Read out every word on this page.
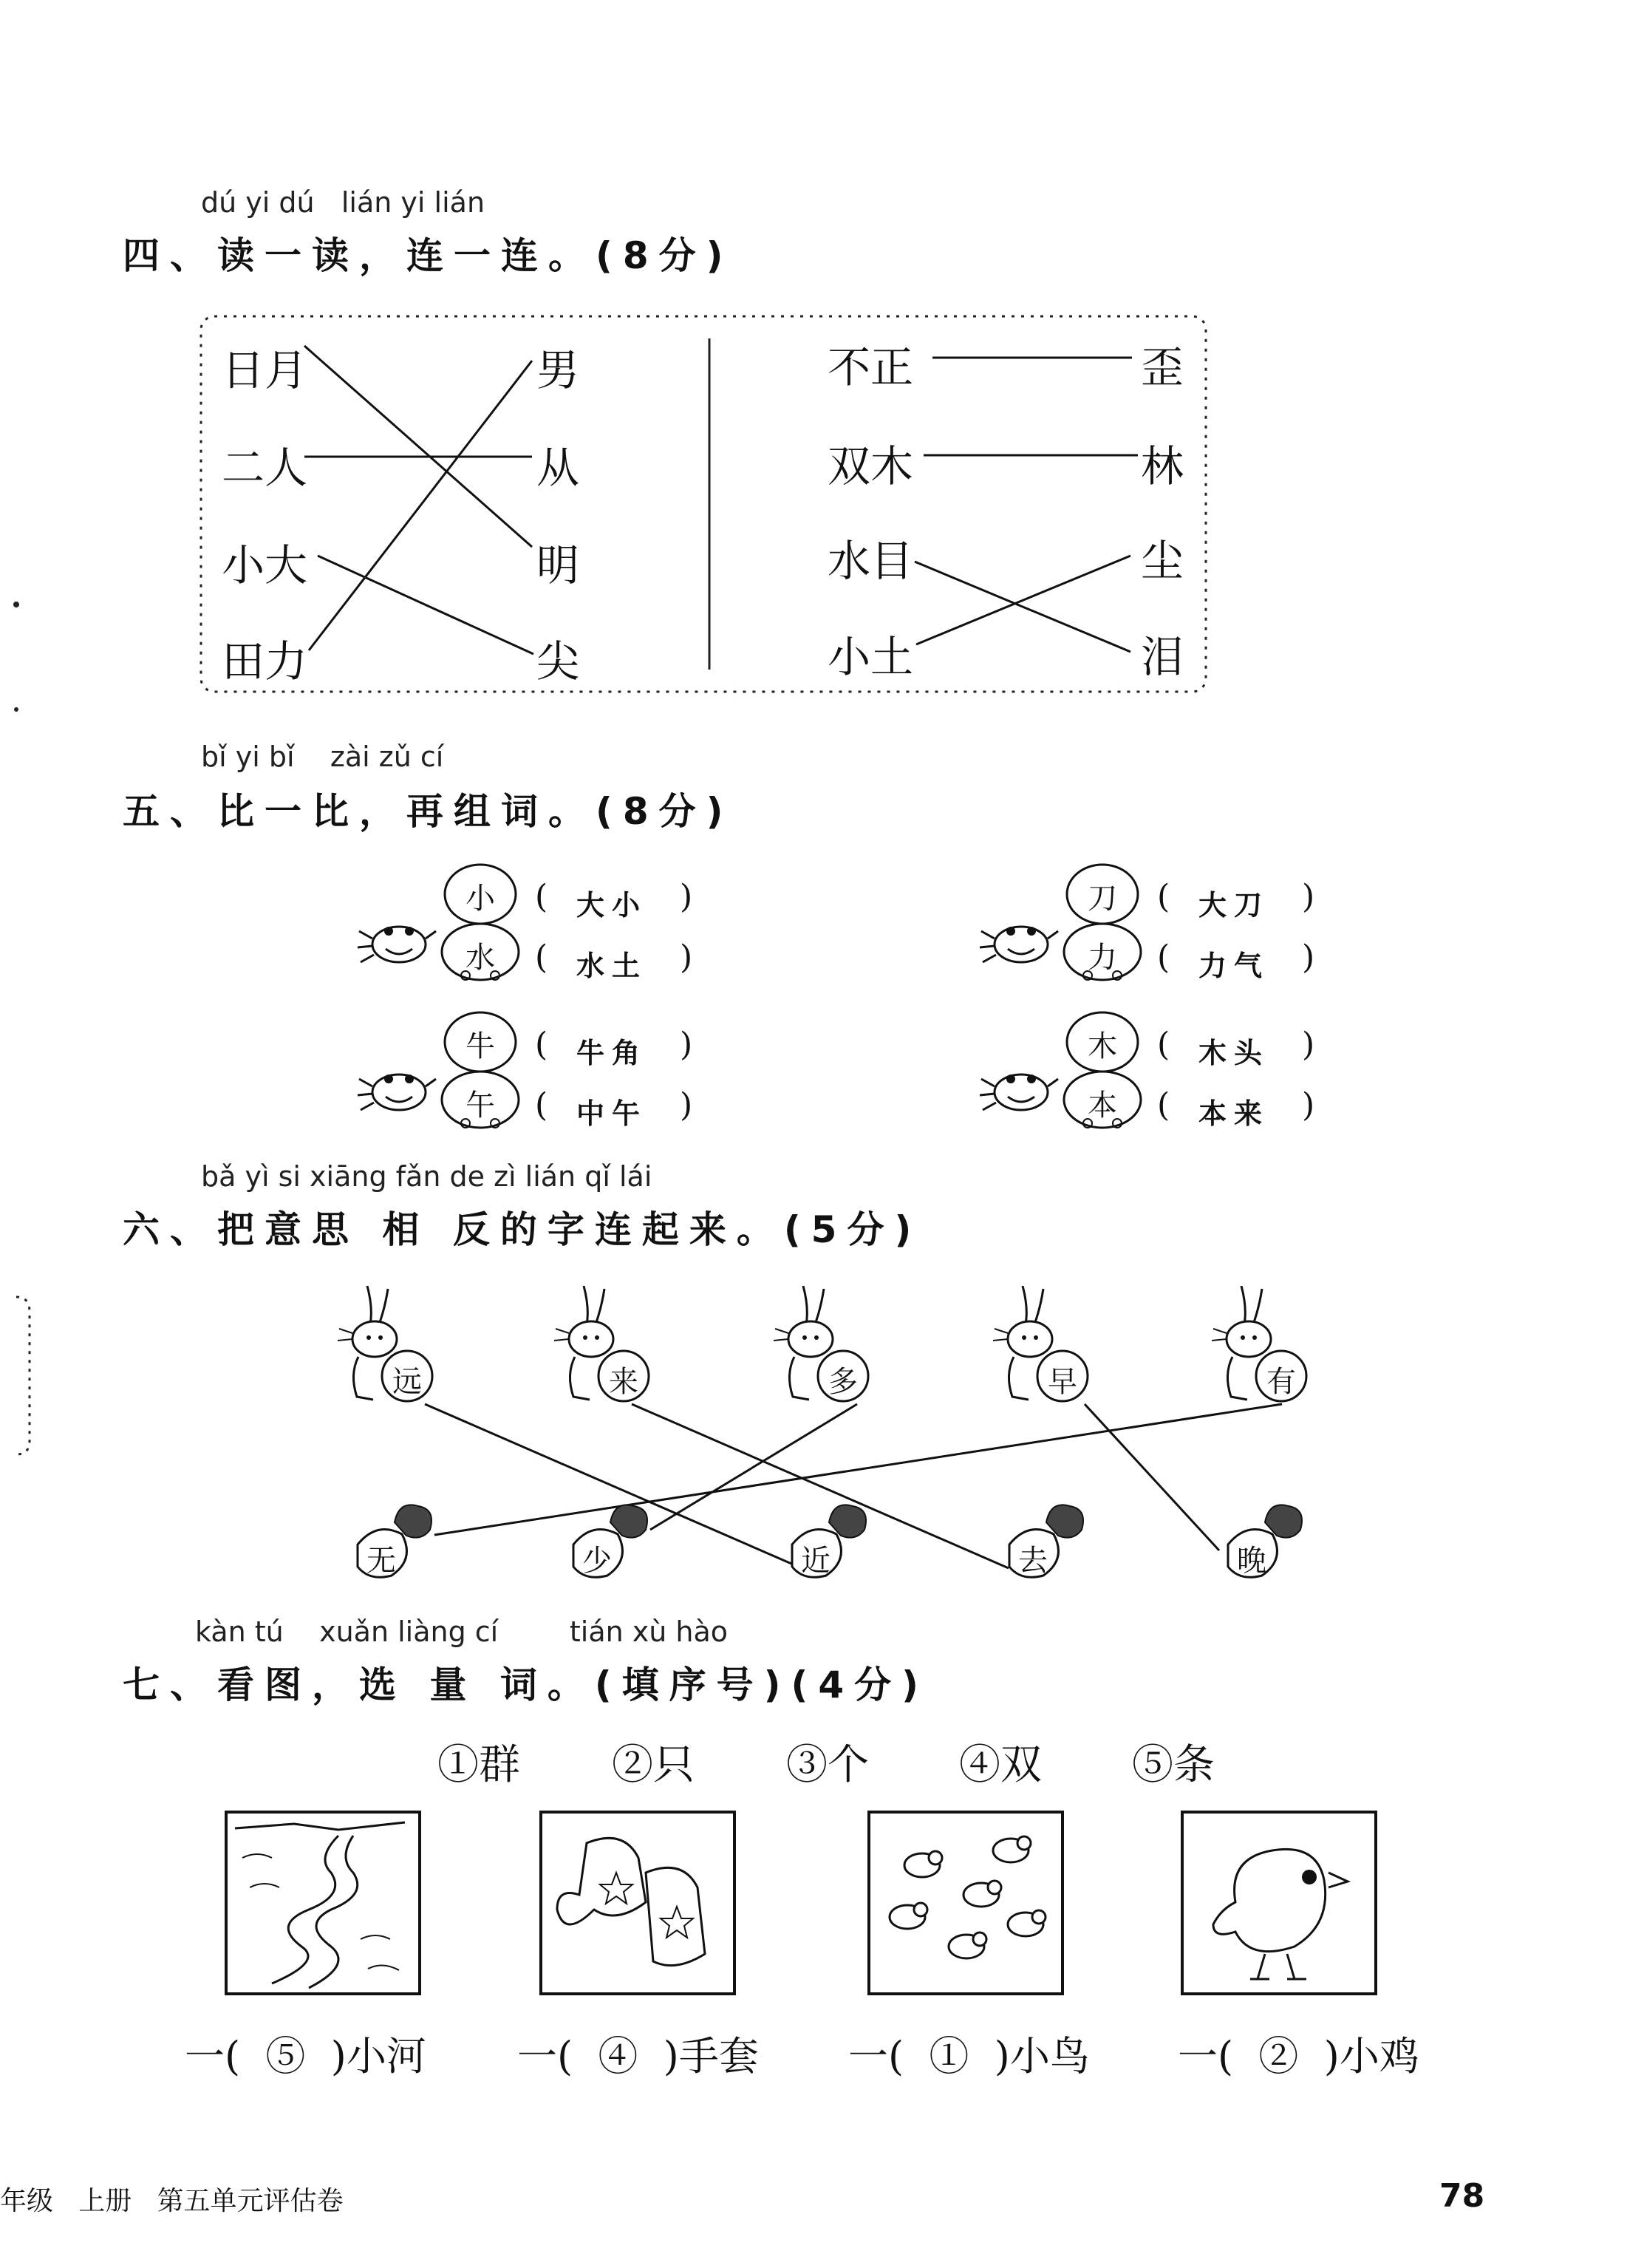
dú yi dú   lián yi lián
四、读一读，连一连。(8分)
日月
二人
小大
田力
男
从
明
尖
不正
双木
水目
小土
歪
林
尘
泪
bǐ yi bǐ    zài zǔ cí
五、比一比，再组词。(8分)
小
水
( 大小 )
( 水土 )
刀
力
( 大刀 )
( 力气 )
牛
午
( 牛角 )
( 中午 )
木
本
( 木头 )
( 本来 )
bǎ yì si xiāng fǎn de zì lián qǐ lái
六、把意思 相 反的字连起来。(5分)
远	来	多	早	有
无	少	近	去	晚
kàn tú    xuǎn liàng cí        tián xù hào
七、看图，选 量 词。(填序号)(4分)
①群 ②只 ③个 ④双 ⑤条
一( ⑤ )小河 一( ④ )手套 一( ① )小鸟 一( ② )小鸡
年级   上册   第五单元评估卷	78
